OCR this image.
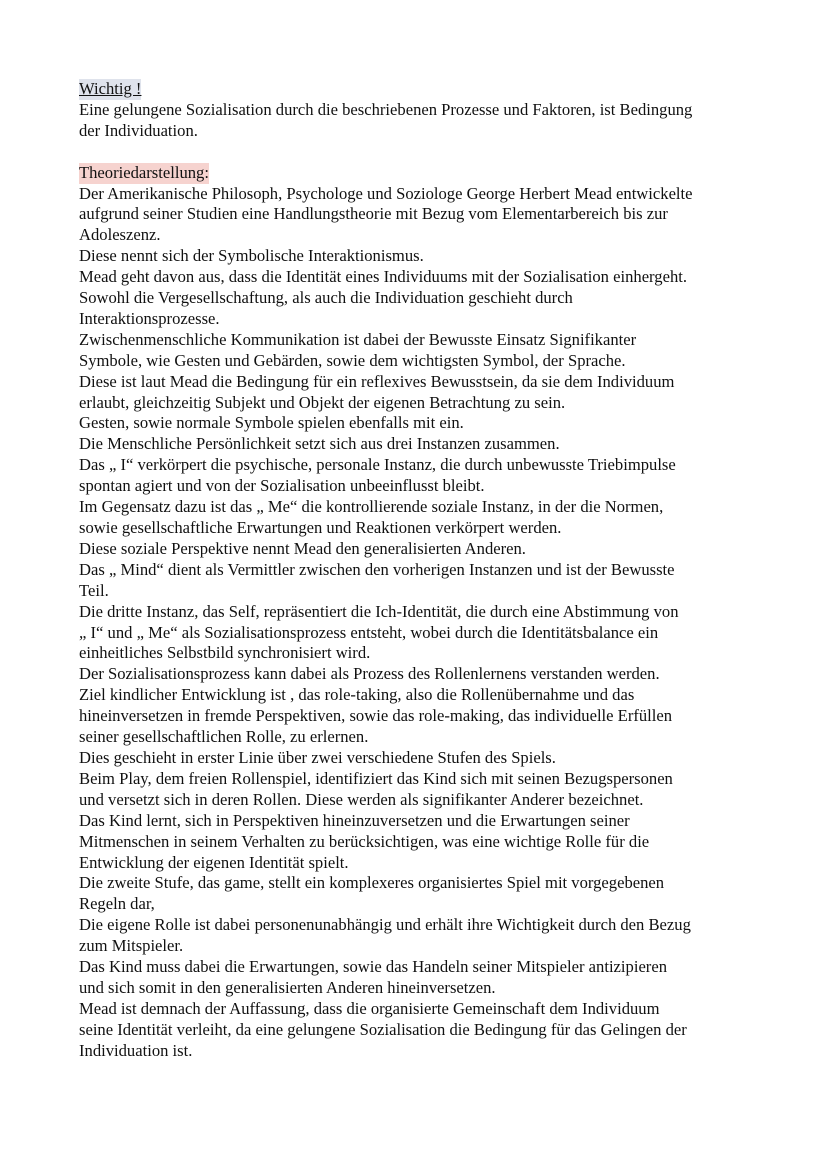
Wichtig !
Eine gelungene Sozialisation durch die beschriebenen Prozesse und Faktoren, ist Bedingung
der Individuation.
Theoriedarstellung:
Der Amerikanische Philosoph, Psychologe und Soziologe George Herbert Mead entwickelte
aufgrund seiner Studien eine Handlungstheorie mit Bezug vom Elementarbereich bis zur
Adoleszenz.
Diese nennt sich der Symbolische Interaktionismus.
Mead geht davon aus, dass die Identität eines Individuums mit der Sozialisation einhergeht.
Sowohl die Vergesellschaftung, als auch die Individuation geschieht durch
Interaktionsprozesse.
Zwischenmenschliche Kommunikation ist dabei der Bewusste Einsatz Signifikanter
Symbole, wie Gesten und Gebärden, sowie dem wichtigsten Symbol, der Sprache.
Diese ist laut Mead die Bedingung für ein reflexives Bewusstsein, da sie dem Individuum
erlaubt, gleichzeitig Subjekt und Objekt der eigenen Betrachtung zu sein.
Gesten, sowie normale Symbole spielen ebenfalls mit ein.
Die Menschliche Persönlichkeit setzt sich aus drei Instanzen zusammen.
Das „ I“ verkörpert die psychische, personale Instanz, die durch unbewusste Triebimpulse
spontan agiert und von der Sozialisation unbeeinflusst bleibt.
Im Gegensatz dazu ist das „ Me“ die kontrollierende soziale Instanz, in der die Normen,
sowie gesellschaftliche Erwartungen und Reaktionen verkörpert werden.
Diese soziale Perspektive nennt Mead den generalisierten Anderen.
Das „ Mind“ dient als Vermittler zwischen den vorherigen Instanzen und ist der Bewusste
Teil.
Die dritte Instanz, das Self, repräsentiert die Ich-Identität, die durch eine Abstimmung von
„ I“ und „ Me“ als Sozialisationsprozess entsteht, wobei durch die Identitätsbalance ein
einheitliches Selbstbild synchronisiert wird.
Der Sozialisationsprozess kann dabei als Prozess des Rollenlernens verstanden werden.
Ziel kindlicher Entwicklung ist , das role-taking, also die Rollenübernahme und das
hineinversetzen in fremde Perspektiven, sowie das role-making, das individuelle Erfüllen
seiner gesellschaftlichen Rolle, zu erlernen.
Dies geschieht in erster Linie über zwei verschiedene Stufen des Spiels.
Beim Play, dem freien Rollenspiel, identifiziert das Kind sich mit seinen Bezugspersonen
und versetzt sich in deren Rollen. Diese werden als signifikanter Anderer bezeichnet.
Das Kind lernt, sich in Perspektiven hineinzuversetzen und die Erwartungen seiner
Mitmenschen in seinem Verhalten zu berücksichtigen, was eine wichtige Rolle für die
Entwicklung der eigenen Identität spielt.
Die zweite Stufe, das game, stellt ein komplexeres organisiertes Spiel mit vorgegebenen
Regeln dar,
Die eigene Rolle ist dabei personenunabhängig und erhält ihre Wichtigkeit durch den Bezug
zum Mitspieler.
Das Kind muss dabei die Erwartungen, sowie das Handeln seiner Mitspieler antizipieren
und sich somit in den generalisierten Anderen hineinversetzen.
Mead ist demnach der Auffassung, dass die organisierte Gemeinschaft dem Individuum
seine Identität verleiht, da eine gelungene Sozialisation die Bedingung für das Gelingen der
Individuation ist.
